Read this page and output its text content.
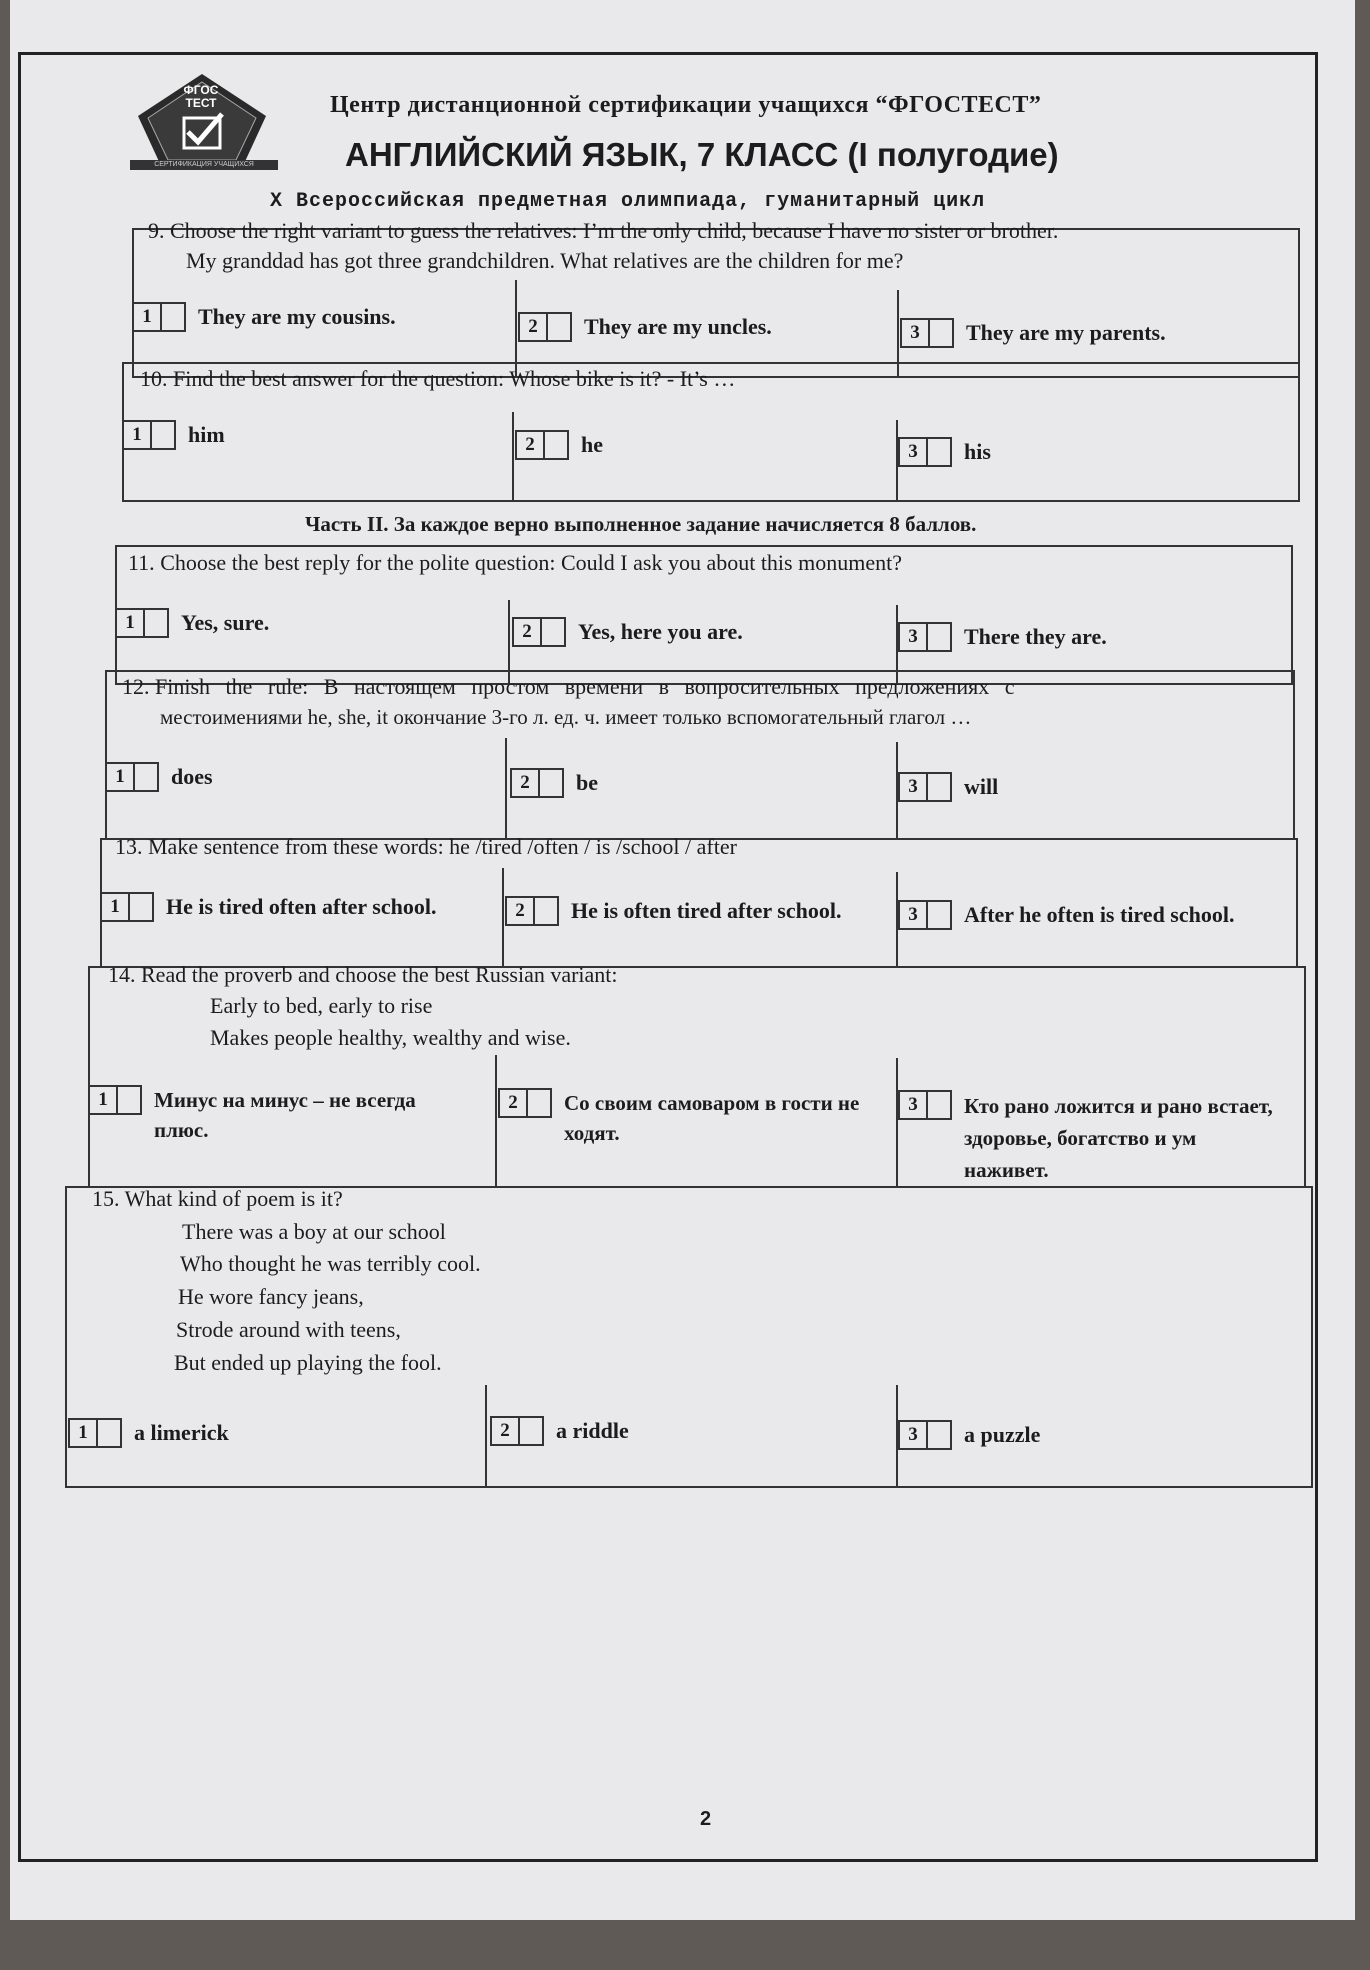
ФГОС
ТЕСТ
СЕРТИФИКАЦИЯ УЧАЩИХСЯ
Центр дистанционной сертификации учащихся “ФГОСТЕСТ”
АНГЛИЙСКИЙ ЯЗЫК, 7 КЛАСС (I полугодие)
X Всероссийская предметная олимпиада, гуманитарный цикл
9. Choose the right variant to guess the relatives: I’m the only child, because I have no sister or brother.
My granddad has got three grandchildren. What relatives are the children for me?
1	They are my cousins.	2	They are my uncles.	3	They are my parents.
10. Find the best answer for the question: Whose bike is it? - It’s …
1	him	2	he	3	his
Часть II. За каждое верно выполненное задание начисляется 8 баллов.
11. Choose the best reply for the polite question: Could I ask you about this monument?
1	Yes, sure.	2	Yes, here you are.	3	There they are.
12. Finish the rule: В настоящем простом времени в вопросительных предложениях с
местоимениями he, she, it окончание 3-го л. ед. ч. имеет только вспомогательный глагол …
1	does	2	be	3	will
13. Make sentence from these words: he /tired /often / is /school / after
1	He is tired often after school.	2	He is often tired after school.	3	After he often is tired school.
14. Read the proverb and choose the best Russian variant:
Early to bed, early to rise
Makes people healthy, wealthy and wise.
1	Минус на минус – не всегда плюс.
2	Со своим самоваром в гости не ходят.
3	Кто рано ложится и рано встает, здоровье, богатство и ум наживет.
15. What kind of poem is it?
There was a boy at our school
Who thought he was terribly cool.
He wore fancy jeans,
Strode around with teens,
But ended up playing the fool.
1	a limerick	2	a riddle	3	a puzzle
2
